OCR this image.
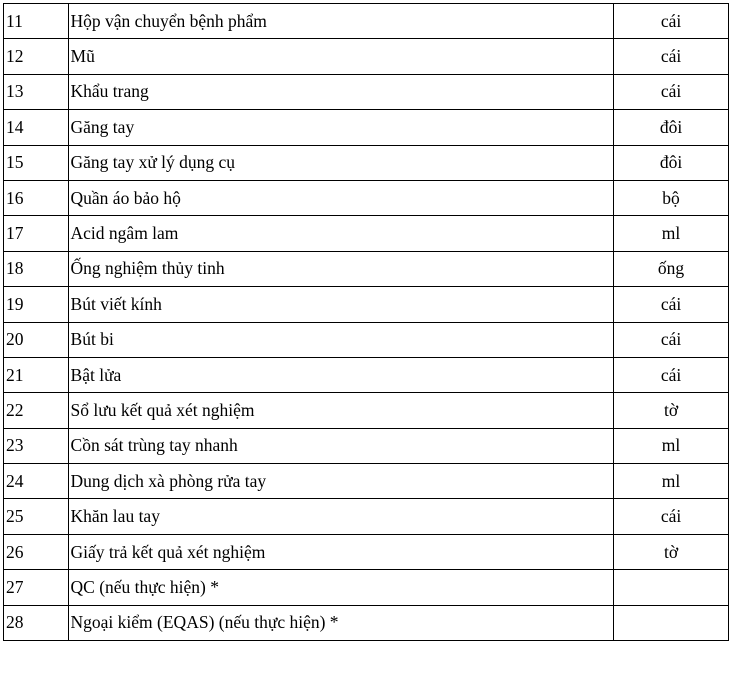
11	Hộp vận chuyển bệnh phẩm	cái
12	Mũ	cái
13	Khẩu trang	cái
14	Găng tay	đôi
15	Găng tay xử lý dụng cụ	đôi
16	Quần áo bảo hộ	bộ
17	Acid ngâm lam	ml
18	Ống nghiệm thủy tinh	ống
19	Bút viết kính	cái
20	Bút bi	cái
21	Bật lửa	cái
22	Sổ lưu kết quả xét nghiệm	tờ
23	Cồn sát trùng tay nhanh	ml
24	Dung dịch xà phòng rửa tay	ml
25	Khăn lau tay	cái
26	Giấy trả kết quả xét nghiệm	tờ
27	QC (nếu thực hiện) *	
28	Ngoại kiểm (EQAS) (nếu thực hiện) *	
